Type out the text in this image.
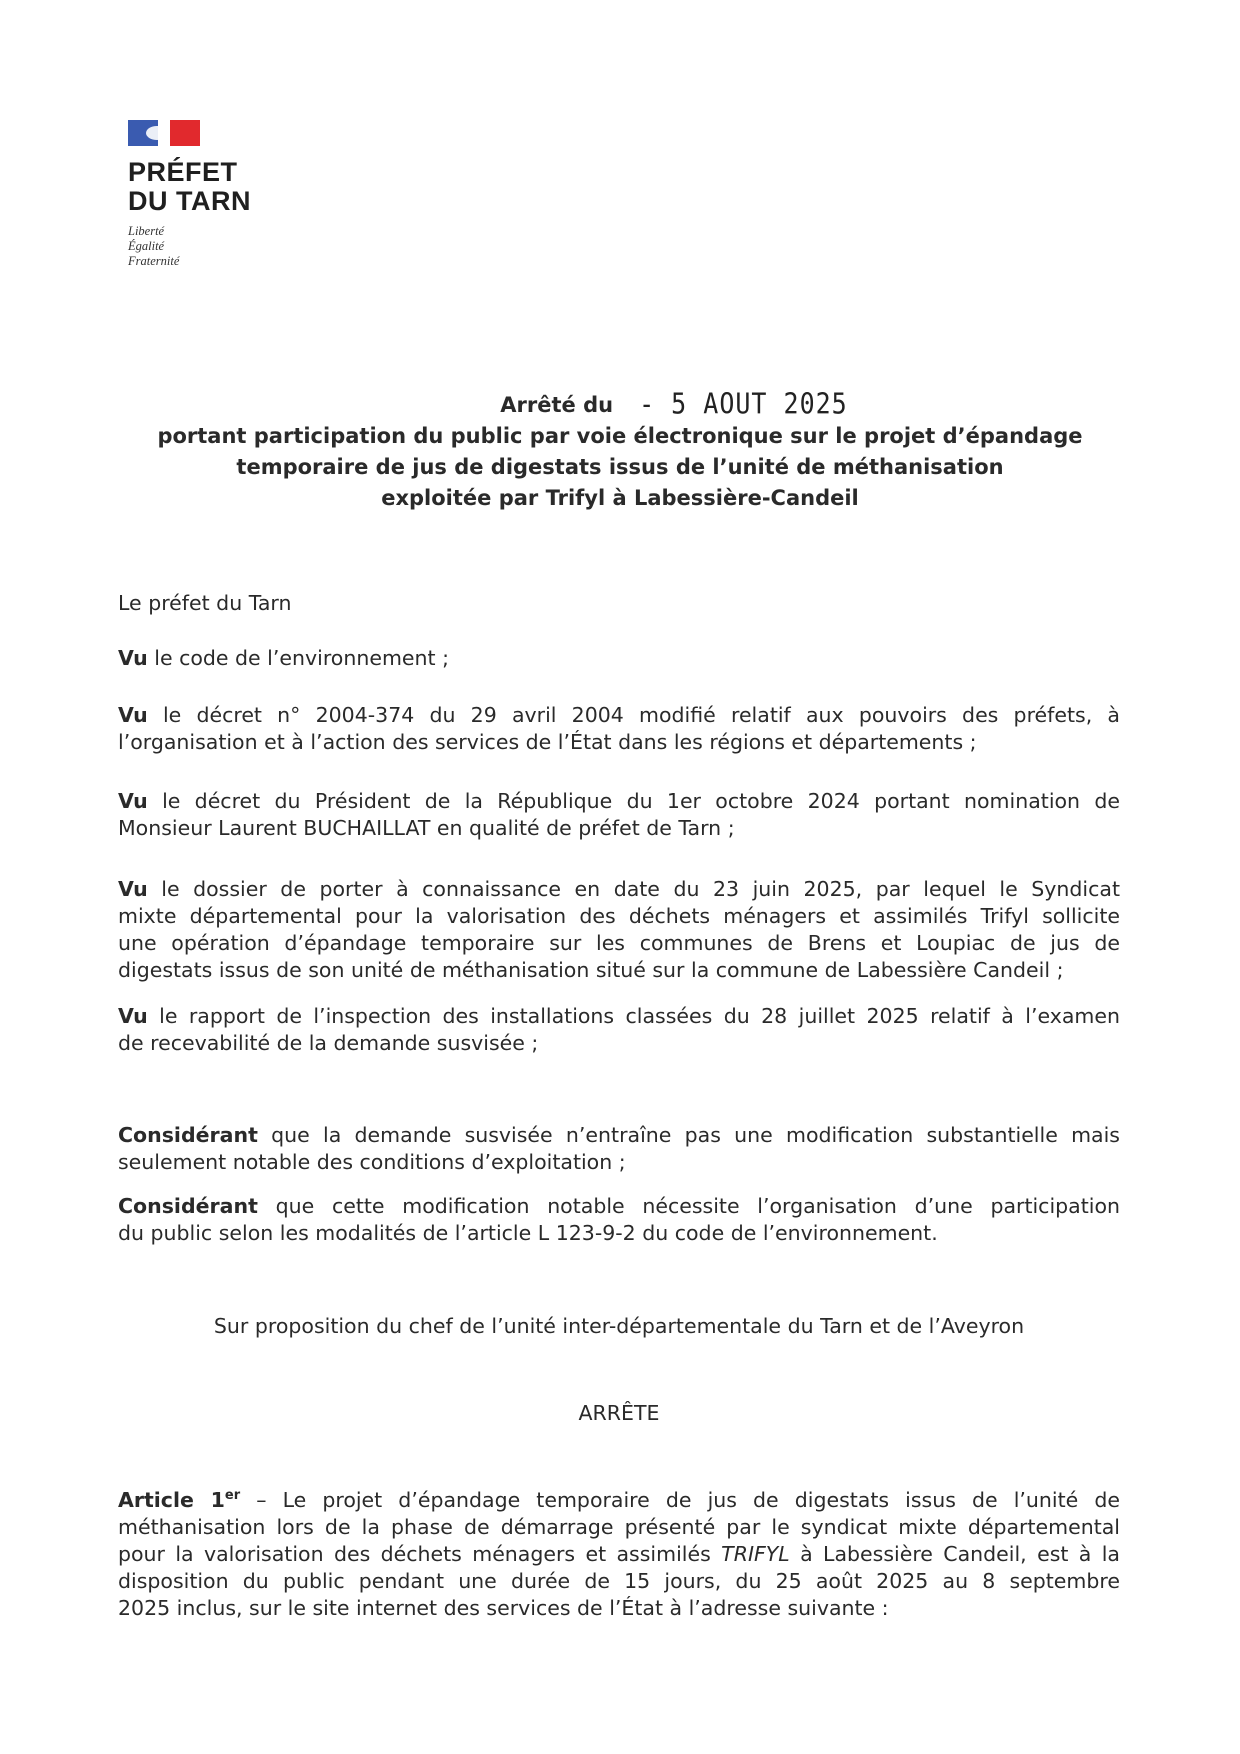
PRÉFET
DU TARN
Liberté
Égalité
Fraternité
Arrêté du - 5 AOUT 2025
portant participation du public par voie électronique sur le projet d’épandage
temporaire de jus de digestats issus de l’unité de méthanisation
exploitée par Trifyl à Labessière-Candeil
Le préfet du Tarn
Vu le code de l’environnement ;
Vu le décret n° 2004-374 du 29 avril 2004 modifié relatif aux pouvoirs des préfets, à
l’organisation et à l’action des services de l’État dans les régions et départements ;
Vu le décret du Président de la République du 1er octobre 2024 portant nomination de
Monsieur Laurent BUCHAILLAT en qualité de préfet de Tarn ;
Vu le dossier de porter à connaissance en date du 23 juin 2025, par lequel le Syndicat
mixte départemental pour la valorisation des déchets ménagers et assimilés Trifyl sollicite
une opération d’épandage temporaire sur les communes de Brens et Loupiac de jus de
digestats issus de son unité de méthanisation situé sur la commune de Labessière Candeil ;
Vu le rapport de l’inspection des installations classées du 28 juillet 2025 relatif à l’examen
de recevabilité de la demande susvisée ;
Considérant que la demande susvisée n’entraîne pas une modification substantielle mais
seulement notable des conditions d’exploitation ;
Considérant que cette modification notable nécessite l’organisation d’une participation
du public selon les modalités de l’article L 123-9-2 du code de l’environnement.
Sur proposition du chef de l’unité inter-départementale du Tarn et de l’Aveyron
ARRÊTE
Article 1er – Le projet d’épandage temporaire de jus de digestats issus de l’unité de
méthanisation lors de la phase de démarrage présenté par le syndicat mixte départemental
pour la valorisation des déchets ménagers et assimilés TRIFYL à Labessière Candeil, est à la
disposition du public pendant une durée de 15 jours, du 25 août 2025 au 8 septembre
2025 inclus, sur le site internet des services de l’État à l’adresse suivante :
